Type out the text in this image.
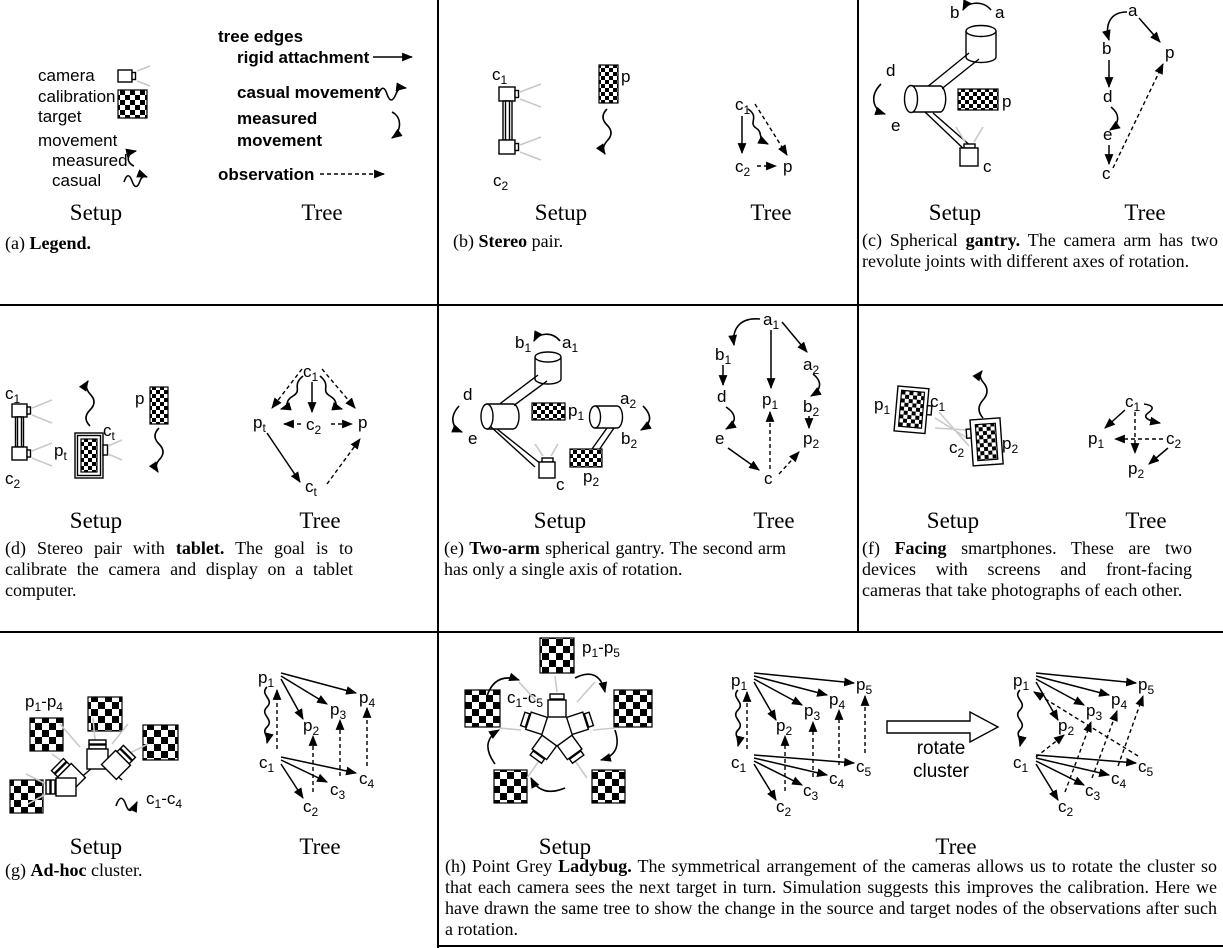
camera
calibration
target
movement
measured
casual
tree edges
rigid attachment
casual movement
measured
movement
observation
Setup	Tree
(a) Legend.
$c_1$
$c_2$
p
$c_1$
$c_2$ p
Setup	Tree
(b) Stereo pair.
b a
d
e
p
c
a
b	p
d
e
c
Setup	Tree
(c) Spherical gantry. The camera arm has two revolute joints with different axes of rotation.
$c_1$
$c_2$
$p_t$
$c_t$
p
$c_1$
$p_t$ $c_2$ p
$c_t$
Setup	Tree
(d) Stereo pair with tablet. The goal is to calibrate the camera and display on a tablet computer.
$b_1$ $a_1$
d
e
$p_1$
$a_2$
$b_2$
$p_2$
c
$a_1$
$b_1$	$a_2$
$p_1$
d
$b_2$
e	$p_2$
c
Setup	Tree
(e) Two-arm spherical gantry. The second arm has only a single axis of rotation.
$p_1$ $c_1$
$c_2$ $p_2$
$c_1$
$p_1$	$c_2$
$p_2$
Setup	Tree
(f) Facing smartphones. These are two devices with screens and front-facing cameras that take photographs of each other.
$p_1-p_4$
$c_1-c_4$
$p_1$
$p_2$
$p_3$
$p_4$
$c_1$
$c_2$
$c_3$
$c_4$
Setup	Tree
(g) Ad-hoc cluster.
$p_1-p_5$
$c_1-c_5$
$p_1$
$p_2$
$p_3$
$p_4$
$p_5$
$c_1$
$c_2$
$c_3$
$c_4$
$c_5$
rotate
cluster
$p_1$
$p_2$
$p_3$
$p_4$
$p_5$
$c_1$
$c_2$
$c_3$
$c_4$
$c_5$
Setup	Tree
(h) Point Grey Ladybug. The symmetrical arrangement of the cameras allows us to rotate the cluster so that each camera sees the next target in turn. Simulation suggests this improves the calibration. Here we have drawn the same tree to show the change in the source and target nodes of the observations after such a rotation.
